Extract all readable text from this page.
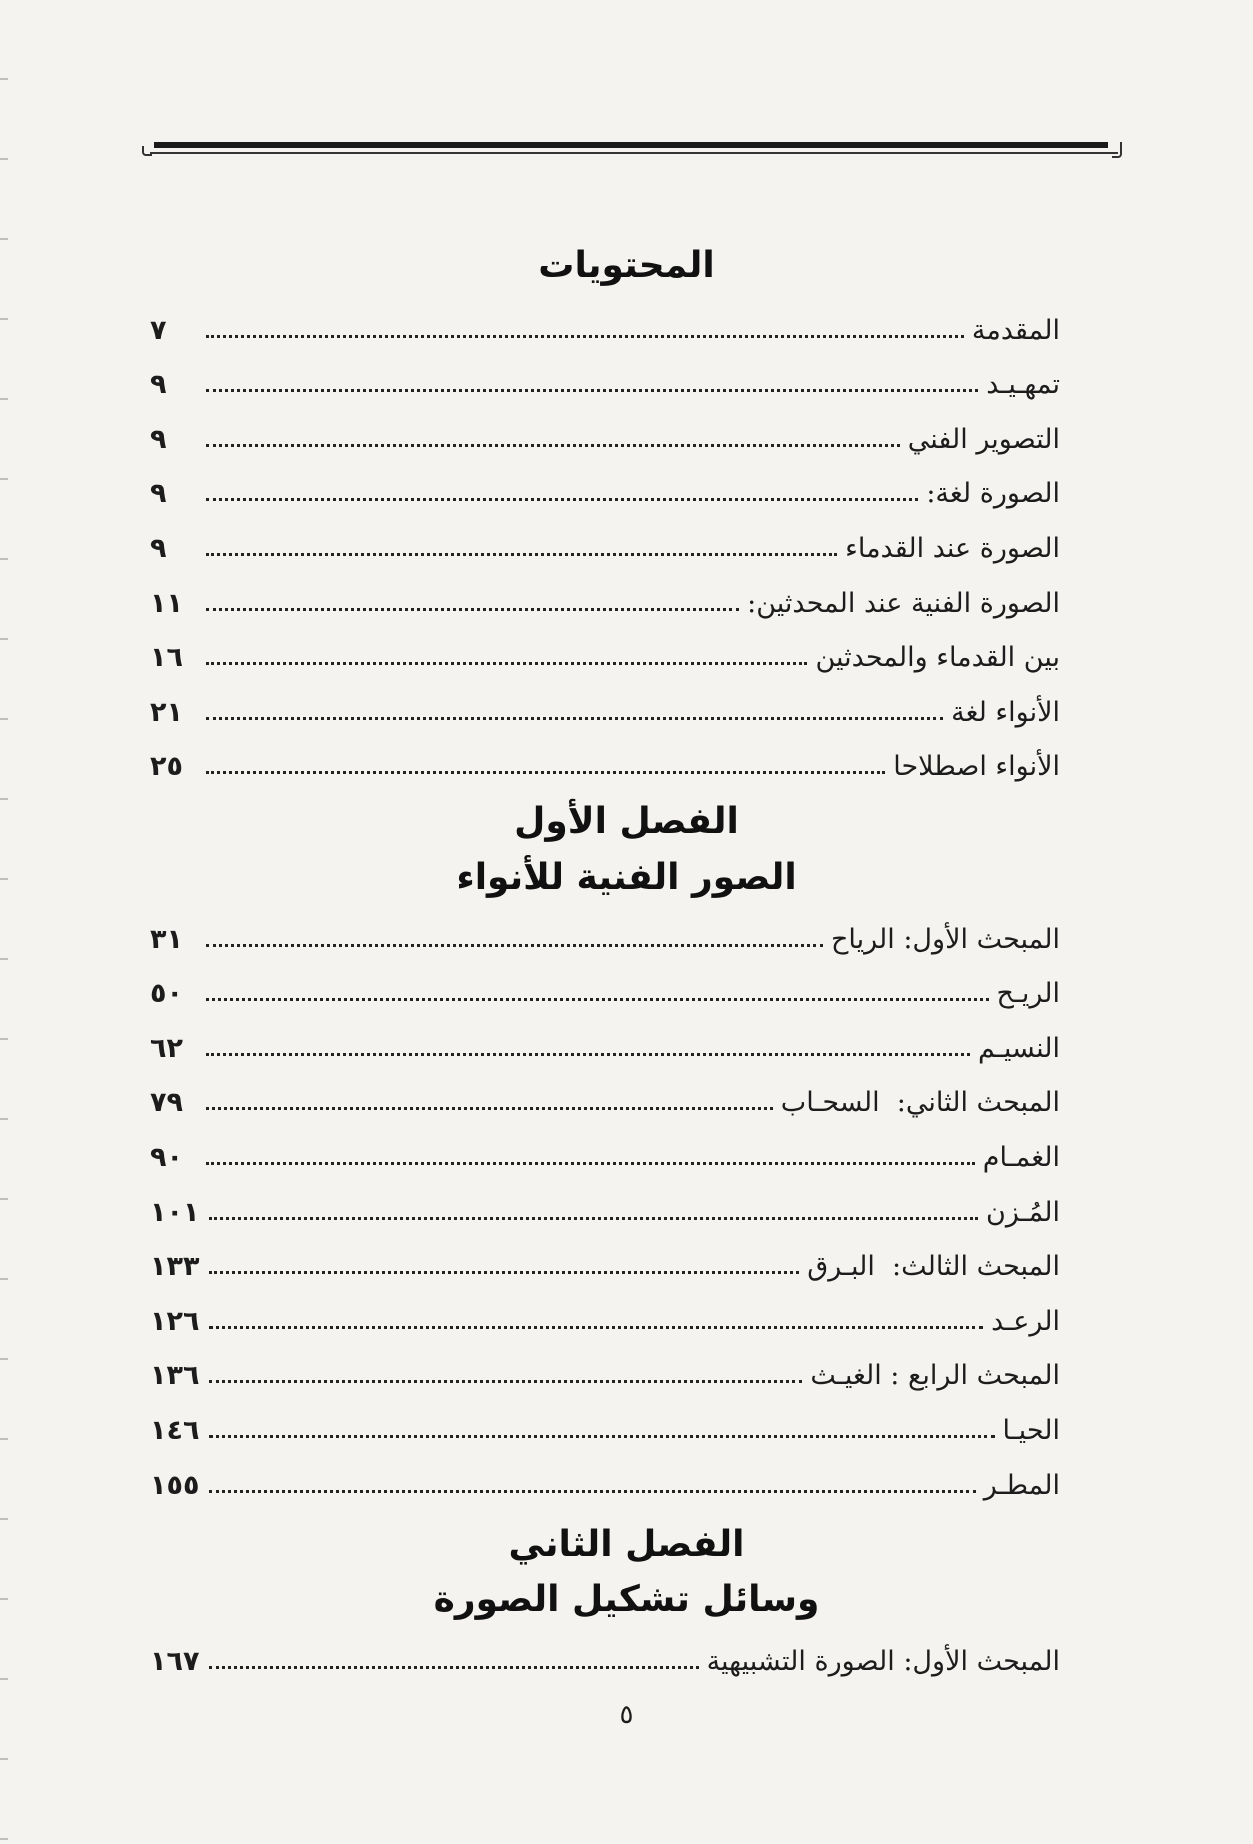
المحتويات
٧	المقدمة
٩	تمهـيـد
٩	التصوير الفني
٩	الصورة لغة:
٩	الصورة عند القدماء
١١	الصورة الفنية عند المحدثين:
١٦	بين القدماء والمحدثين
٢١	الأنواء لغة
٢٥	الأنواء اصطلاحا
الفصل الأول
الصور الفنية للأنواء
٣١	المبحث الأول: الرياح
٥٠	الريـح
٦٢	النسيـم
٧٩	المبحث الثاني:  السحـاب
٩٠	الغمـام
١٠١	المُـزن
١٣٣	المبحث الثالث:  البـرق
١٢٦	الرعـد
١٣٦	المبحث الرابع : الغيـث
١٤٦	الحيـا
١٥٥	المطـر
الفصل الثاني
وسائل تشكيل الصورة
١٦٧	المبحث الأول: الصورة التشبيهية
٥
